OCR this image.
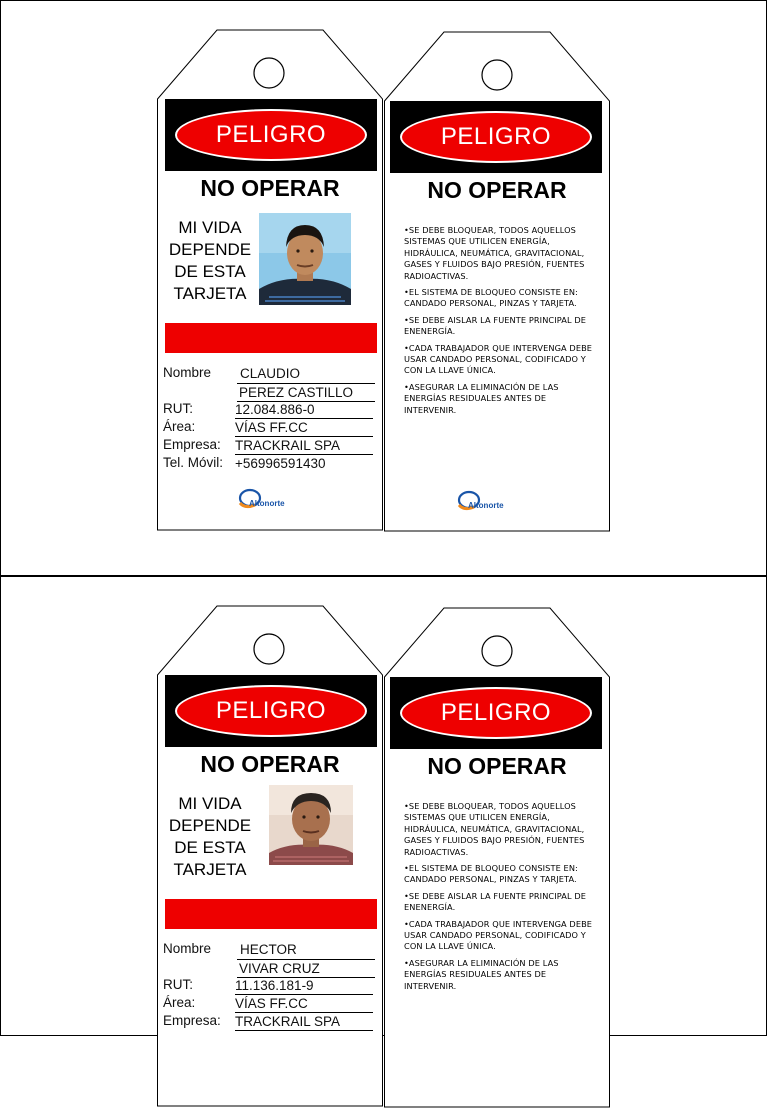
PELIGRO
NO OPERAR
MI VIDA
DEPENDE
DE ESTA
TARJETA
Nombre	CLAUDIO
PEREZ CASTILLO
RUT:	12.084.886-0
Área:	VÍAS FF.CC
Empresa: TRACKRAIL SPA
Tel. Móvil: +56996591430
Altonorte
PELIGRO
NO OPERAR

•SE DEBE BLOQUEAR, TODOS AQUELLOS SISTEMAS QUE UTILICEN ENERGÍA, HIDRÁULICA, NEUMÁTICA, GRAVITACIONAL, GASES Y FLUIDOS BAJO PRESIÓN, FUENTES RADIOACTIVAS.

•EL SISTEMA DE BLOQUEO CONSISTE EN: CANDADO PERSONAL, PINZAS Y TARJETA.

•SE DEBE AISLAR LA FUENTE PRINCIPAL DE ENENERGÍA.

•CADA TRABAJADOR QUE INTERVENGA DEBE USAR CANDADO PERSONAL, CODIFICADO Y CON LA LLAVE ÚNICA.

•ASEGURAR LA ELIMINACIÓN DE LAS ENERGÍAS RESIDUALES ANTES DE INTERVENIR.

Altonorte
PELIGRO
NO OPERAR
MI VIDA
DEPENDE
DE ESTA
TARJETA
Nombre	HECTOR
VIVAR CRUZ
RUT:	11.136.181-9
Área:	VÍAS FF.CC
Empresa: TRACKRAIL SPA
PELIGRO
NO OPERAR

•SE DEBE BLOQUEAR, TODOS AQUELLOS SISTEMAS QUE UTILICEN ENERGÍA, HIDRÁULICA, NEUMÁTICA, GRAVITACIONAL, GASES Y FLUIDOS BAJO PRESIÓN, FUENTES RADIOACTIVAS.

•EL SISTEMA DE BLOQUEO CONSISTE EN: CANDADO PERSONAL, PINZAS Y TARJETA.

•SE DEBE AISLAR LA FUENTE PRINCIPAL DE ENENERGÍA.

•CADA TRABAJADOR QUE INTERVENGA DEBE USAR CANDADO PERSONAL, CODIFICADO Y CON LA LLAVE ÚNICA.

•ASEGURAR LA ELIMINACIÓN DE LAS ENERGÍAS RESIDUALES ANTES DE INTERVENIR.
